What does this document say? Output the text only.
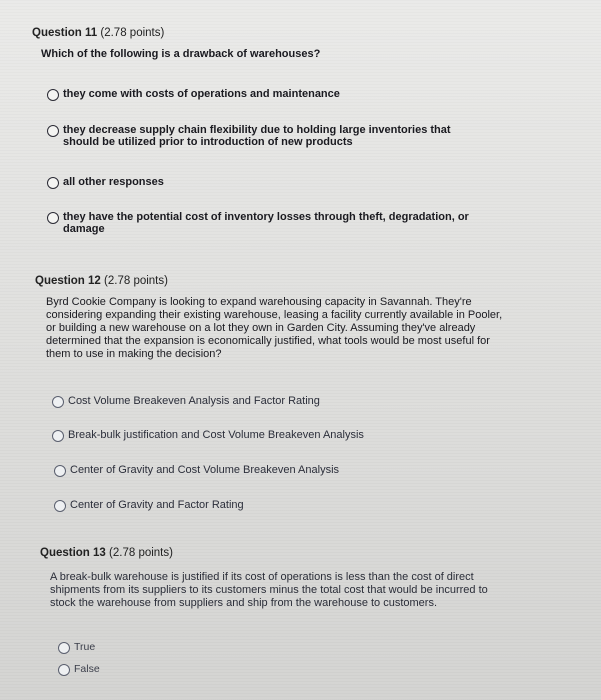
Question 11 (2.78 points)
Which of the following is a drawback of warehouses?
they come with costs of operations and maintenance
they decrease supply chain flexibility due to holding large inventories that should be utilized prior to introduction of new products
all other responses
they have the potential cost of inventory losses through theft, degradation, or damage
Question 12 (2.78 points)
Byrd Cookie Company is looking to expand warehousing capacity in Savannah. They're considering expanding their existing warehouse, leasing a facility currently available in Pooler, or building a new warehouse on a lot they own in Garden City. Assuming they've already determined that the expansion is economically justified, what tools would be most useful for them to use in making the decision?
Cost Volume Breakeven Analysis and Factor Rating
Break-bulk justification and Cost Volume Breakeven Analysis
Center of Gravity and Cost Volume Breakeven Analysis
Center of Gravity and Factor Rating
Question 13 (2.78 points)
A break-bulk warehouse is justified if its cost of operations is less than the cost of direct shipments from its suppliers to its customers minus the total cost that would be incurred to stock the warehouse from suppliers and ship from the warehouse to customers.
True
False
